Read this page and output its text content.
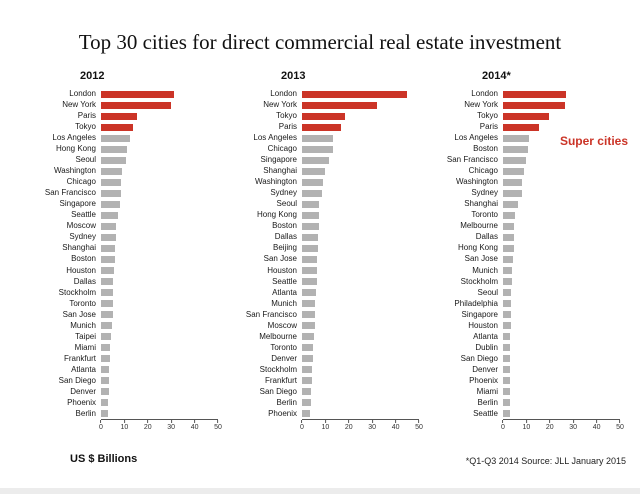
Top 30 cities for direct commercial real estate investment
2012
London
New York
Paris
Tokyo
Los Angeles
Hong Kong
Seoul
Washington
Chicago
San Francisco
Singapore
Seattle
Moscow
Sydney
Shanghai
Boston
Houston
Dallas
Stockholm
Toronto
San Jose
Munich
Taipei
Miami
Frankfurt
Atlanta
San Diego
Denver
Phoenix
Berlin
0	10 20 30 40 50
2013
London
New York
Tokyo
Paris
Los Angeles
Chicago
Singapore
Shanghai
Washington
Sydney
Seoul
Hong Kong
Boston
Dallas
Beijing
San Jose
Houston
Seattle
Atlanta
Munich
San Francisco
Moscow
Melbourne
Toronto
Denver
Stockholm
Frankfurt
San Diego
Berlin
Phoenix
0	10 20 30 40 50
2014*
London
New York
Tokyo
Paris
Los Angeles
Boston
San Francisco
Chicago
Washington
Sydney
Shanghai
Toronto
Melbourne
Dallas
Hong Kong
San Jose
Munich
Stockholm
Seoul
Philadelphia
Singapore
Houston
Atlanta
Dublin
San Diego
Denver
Phoenix
Miami
Berlin
Seattle
0	10 20 30 40 50
Super cities
US $ Billions	*Q1-Q3 2014 Source: JLL January 2015
